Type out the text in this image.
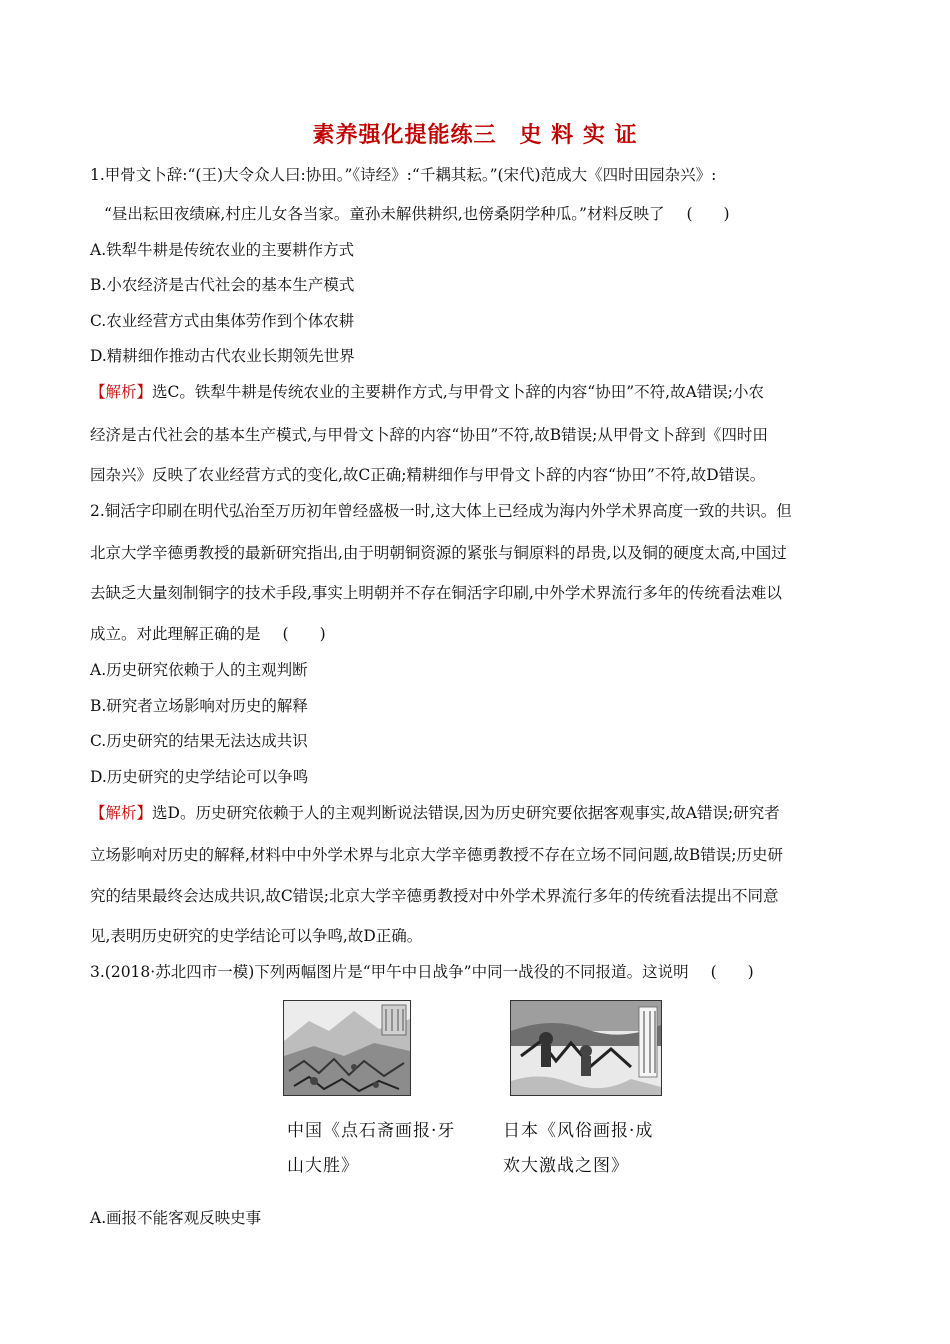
素养强化提能练三　史 料 实 证
1.甲骨文卜辞:“(王)大令众人曰:协田。”《诗经》:“千耦其耘。”(宋代)范成大《四时田园杂兴》:
“昼出耘田夜绩麻,村庄儿女各当家。童孙未解供耕织,也傍桑阴学种瓜。”材料反映了 (　　)
A.铁犁牛耕是传统农业的主要耕作方式
B.小农经济是古代社会的基本生产模式
C.农业经营方式由集体劳作到个体农耕
D.精耕细作推动古代农业长期领先世界
【解析】选C。铁犁牛耕是传统农业的主要耕作方式,与甲骨文卜辞的内容“协田”不符,故A错误;小农
经济是古代社会的基本生产模式,与甲骨文卜辞的内容“协田”不符,故B错误;从甲骨文卜辞到《四时田
园杂兴》反映了农业经营方式的变化,故C正确;精耕细作与甲骨文卜辞的内容“协田”不符,故D错误。
2.铜活字印刷在明代弘治至万历初年曾经盛极一时,这大体上已经成为海内外学术界高度一致的共识。但
北京大学辛德勇教授的最新研究指出,由于明朝铜资源的紧张与铜原料的昂贵,以及铜的硬度太高,中国过
去缺乏大量刻制铜字的技术手段,事实上明朝并不存在铜活字印刷,中外学术界流行多年的传统看法难以
成立。对此理解正确的是 (　　)
A.历史研究依赖于人的主观判断
B.研究者立场影响对历史的解释
C.历史研究的结果无法达成共识
D.历史研究的史学结论可以争鸣
【解析】选D。历史研究依赖于人的主观判断说法错误,因为历史研究要依据客观事实,故A错误;研究者
立场影响对历史的解释,材料中中外学术界与北京大学辛德勇教授不存在立场不同问题,故B错误;历史研
究的结果最终会达成共识,故C错误;北京大学辛德勇教授对中外学术界流行多年的传统看法提出不同意
见,表明历史研究的史学结论可以争鸣,故D正确。
3.(2018·苏北四市一模)下列两幅图片是“甲午中日战争”中同一战役的不同报道。这说明 (　　)
中国《点石斋画报·牙
山大胜》
日本《风俗画报·成
欢大激战之图》
A.画报不能客观反映史事
